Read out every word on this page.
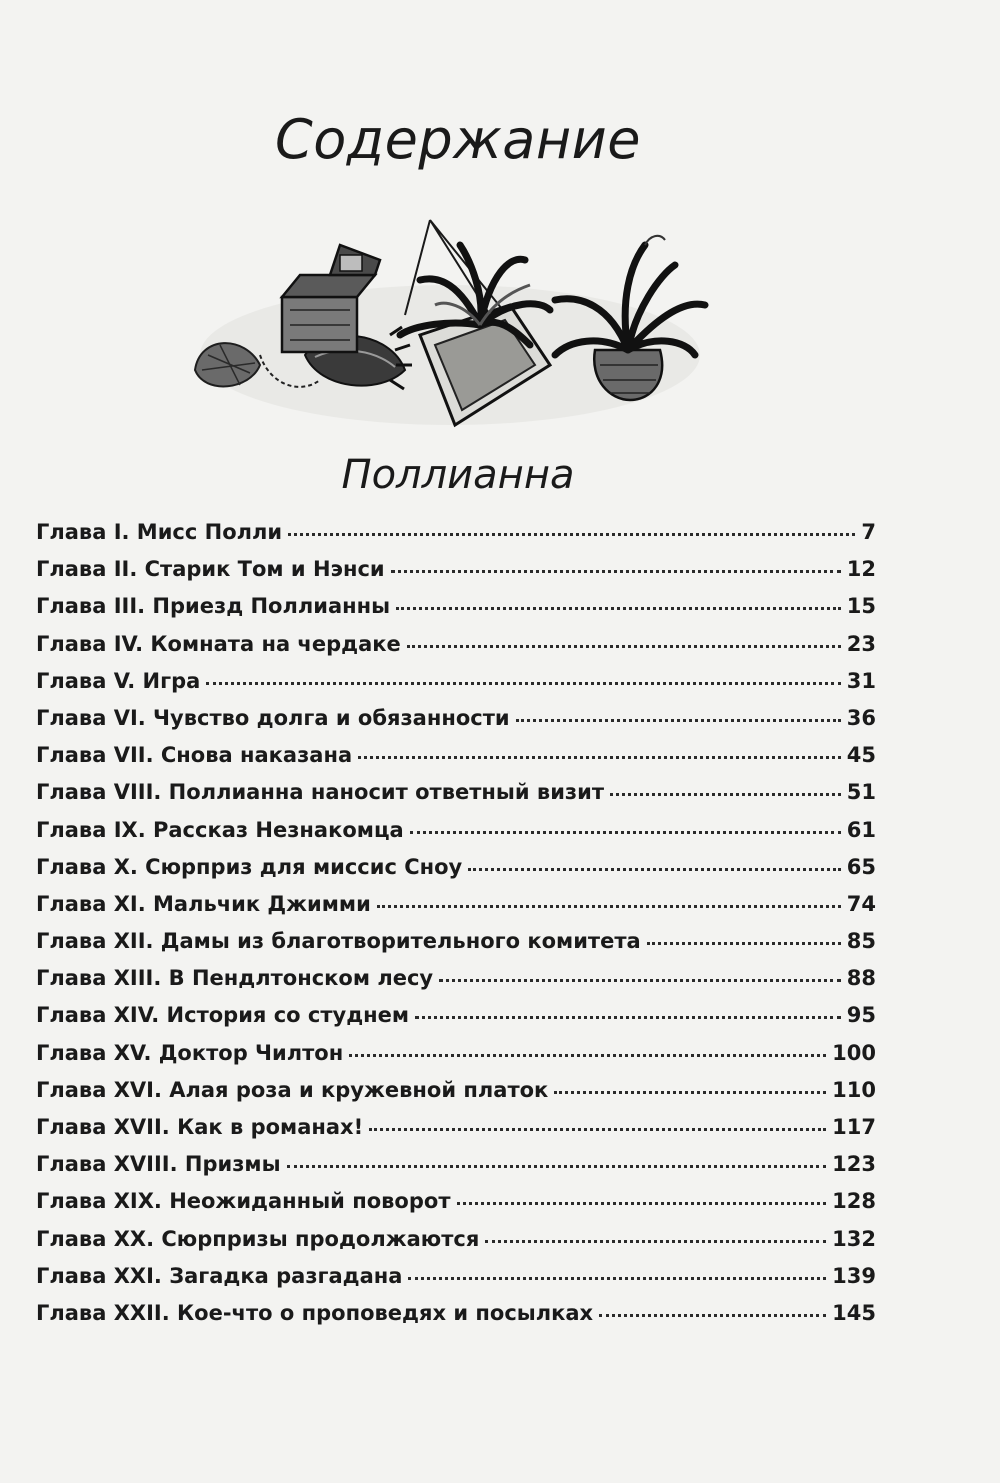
Содержание
Поллианна
Глава I. Мисс Полли	7
Глава II. Старик Том и Нэнси	12
Глава III. Приезд Поллианны	15
Глава IV. Комната на чердаке	23
Глава V. Игра	31
Глава VI. Чувство долга и обязанности	36
Глава VII. Снова наказана	45
Глава VIII. Поллианна наносит ответный визит	51
Глава IX. Рассказ Незнакомца	61
Глава X. Сюрприз для миссис Сноу	65
Глава XI. Мальчик Джимми	74
Глава XII. Дамы из благотворительного комитета	85
Глава XIII. В Пендлтонском лесу	88
Глава XIV. История со студнем	95
Глава XV. Доктор Чилтон	100
Глава XVI. Алая роза и кружевной платок	110
Глава XVII. Как в романах!	117
Глава XVIII. Призмы	123
Глава XIX. Неожиданный поворот	128
Глава XX. Сюрпризы продолжаются	132
Глава XXI. Загадка разгадана	139
Глава XXII. Кое-что о проповедях и посылках	145
